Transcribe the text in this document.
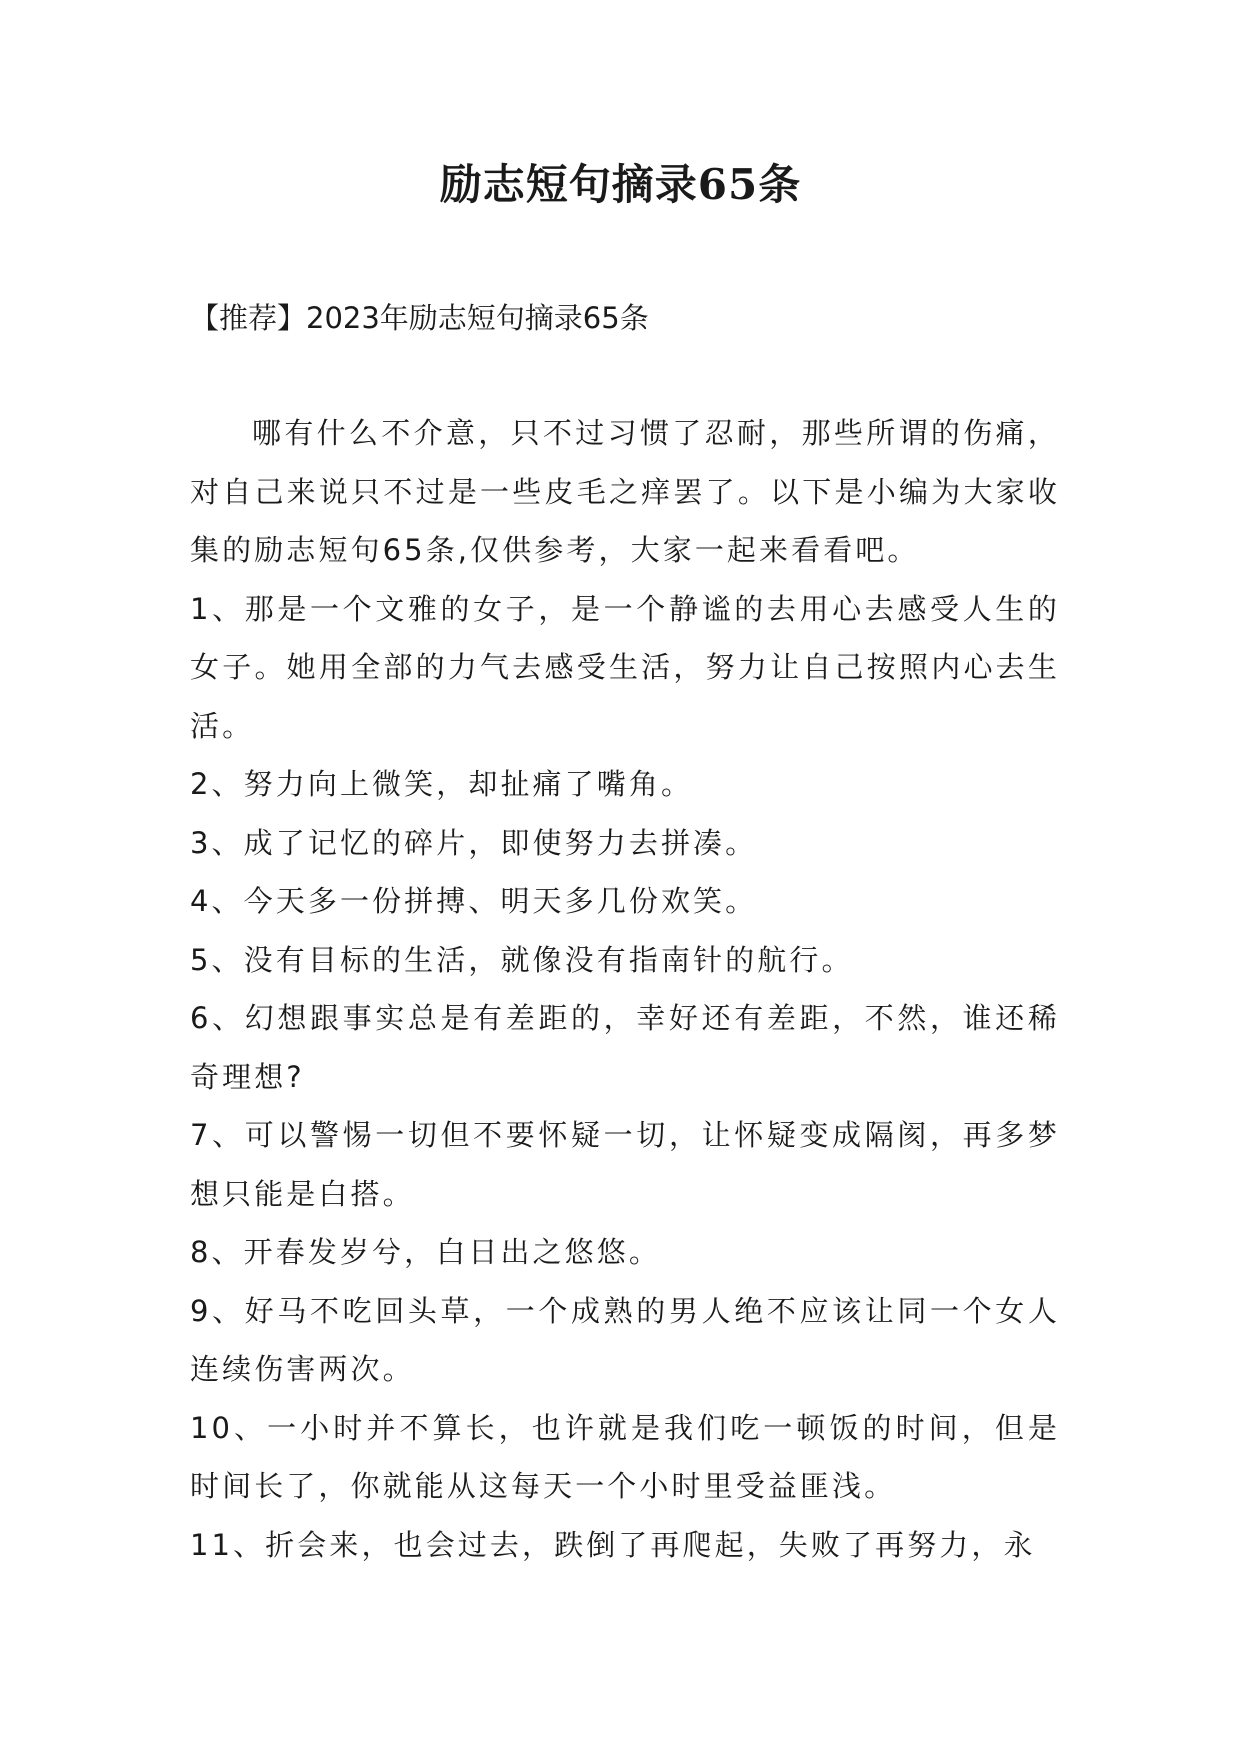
励志短句摘录65条
【推荐】2023年励志短句摘录65条

哪有什么不介意，只不过习惯了忍耐，那些所谓的伤痛，对自己来说只不过是一些皮毛之痒罢了。以下是小编为大家收集的励志短句65条,仅供参考，大家一起来看看吧。

1、那是一个文雅的女子，是一个静谧的去用心去感受人生的女子。她用全部的力气去感受生活，努力让自己按照内心去生活。

2、努力向上微笑，却扯痛了嘴角。

3、成了记忆的碎片，即使努力去拼凑。

4、今天多一份拼搏、明天多几份欢笑。

5、没有目标的生活，就像没有指南针的航行。

6、幻想跟事实总是有差距的，幸好还有差距，不然，谁还稀奇理想?

7、可以警惕一切但不要怀疑一切，让怀疑变成隔阂，再多梦想只能是白搭。

8、开春发岁兮，白日出之悠悠。

9、好马不吃回头草，一个成熟的男人绝不应该让同一个女人连续伤害两次。

10、一小时并不算长，也许就是我们吃一顿饭的时间，但是时间长了，你就能从这每天一个小时里受益匪浅。

11、折会来，也会过去，跌倒了再爬起，失败了再努力，永
